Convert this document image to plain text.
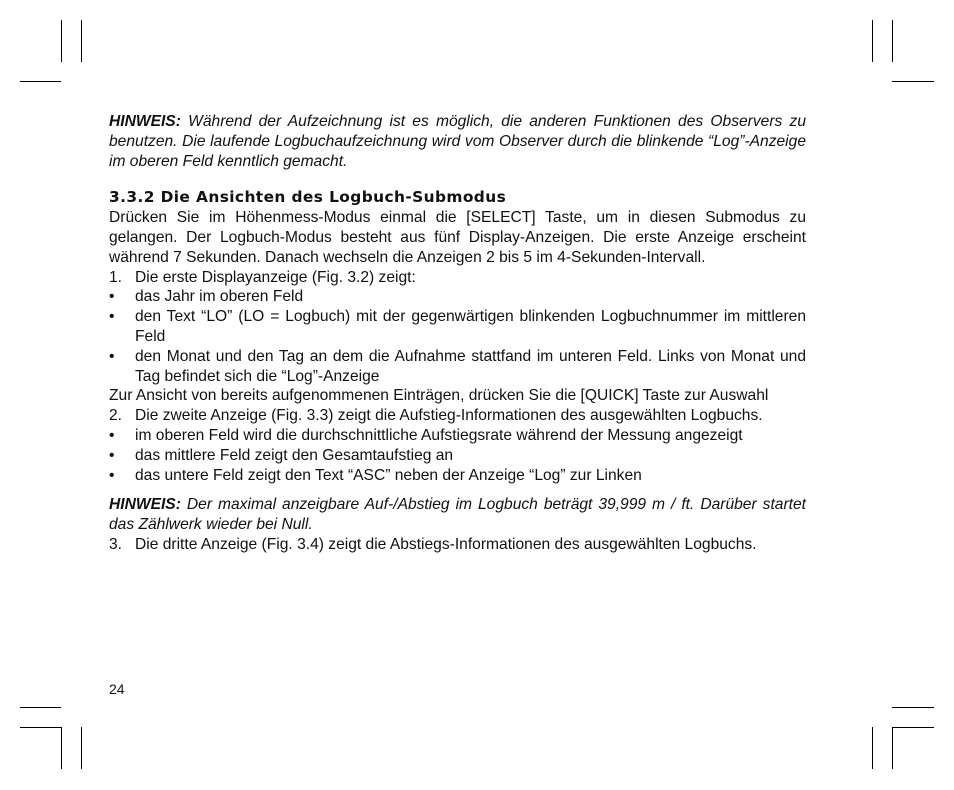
HINWEIS: Während der Aufzeichnung ist es möglich, die anderen Funktionen des Observers zu benutzen. Die laufende Logbuchaufzeichnung wird vom Observer durch die blinkende “Log”-Anzeige im oberen Feld kenntlich gemacht.

3.3.2 Die Ansichten des Logbuch-Submodus

Drücken Sie im Höhenmess-Modus einmal die [SELECT] Taste, um in diesen Submodus zu gelangen. Der Logbuch-Modus besteht aus fünf Display-Anzeigen. Die erste Anzeige erscheint während 7 Sekunden. Danach wechseln die Anzeigen 2 bis 5 im 4-Sekunden-Intervall.

1. Die erste Displayanzeige (Fig. 3.2) zeigt:
•	das Jahr im oberen Feld
•	den Text “LO” (LO = Logbuch) mit der gegenwärtigen blinkenden Logbuchnummer im mittleren Feld
•	den Monat und den Tag an dem die Aufnahme stattfand im unteren Feld. Links von Monat und Tag befindet sich die “Log”-Anzeige

Zur Ansicht von bereits aufgenommenen Einträgen, drücken Sie die [QUICK] Taste zur Auswahl

2. Die zweite Anzeige (Fig. 3.3) zeigt die Aufstieg-Informationen des ausgewählten Logbuchs.
•	im oberen Feld wird die durchschnittliche Aufstiegsrate während der Messung angezeigt
•	das mittlere Feld zeigt den Gesamtaufstieg an
•	das untere Feld zeigt den Text “ASC” neben der Anzeige “Log” zur Linken

HINWEIS: Der maximal anzeigbare Auf-/Abstieg im Logbuch beträgt 39,999 m / ft. Darüber startet das Zählwerk wieder bei Null.

3. Die dritte Anzeige (Fig. 3.4) zeigt die Abstiegs-Informationen des ausgewählten Logbuchs.
24
